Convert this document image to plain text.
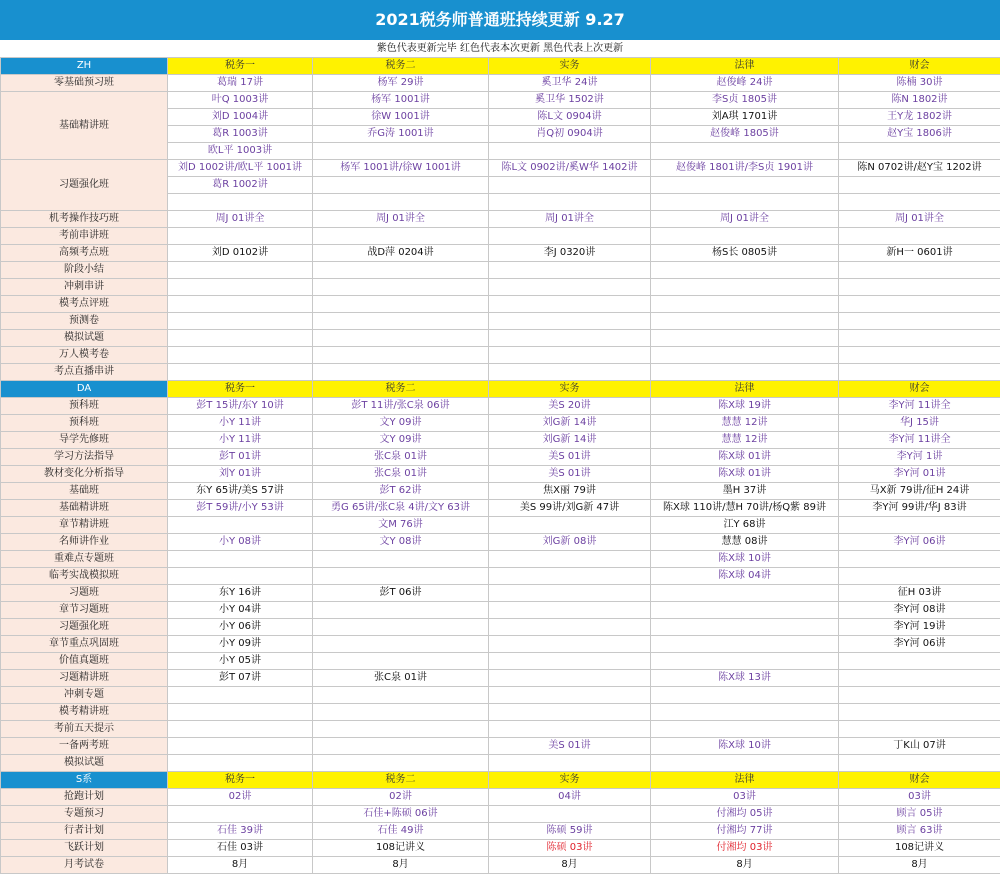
2021税务师普通班持续更新 9.27
紫色代表更新完毕 红色代表本次更新 黑色代表上次更新
ZH	税务一	税务二	实务	法律	财会
零基础预习班	葛瑞 17讲	杨军 29讲	奚卫华 24讲	赵俊峰 24讲	陈楠 30讲
基础精讲班	叶Q 1003讲	杨军 1001讲	奚卫华 1502讲	李S贞 1805讲	陈N 1802讲
	刘D 1004讲	徐W 1001讲	陈L文 0904讲	刘A琪 1701讲	王Y龙 1802讲
	葛R 1003讲	乔G涛 1001讲	肖Q初 0904讲	赵俊峰 1805讲	赵Y宝 1806讲
	欧L平 1003讲				
习题强化班	刘D 1002讲/欧L平 1001讲	杨军 1001讲/徐W 1001讲	陈L文 0902讲/奚W华 1402讲	赵俊峰 1801讲/李S贞 1901讲	陈N 0702讲/赵Y宝 1202讲
	葛R 1002讲				

机考操作技巧班	周J 01讲全	周J 01讲全	周J 01讲全	周J 01讲全	周J 01讲全
考前串讲班					
高频考点班	刘D 0102讲	战D萍 0204讲	李J 0320讲	杨S长 0805讲	新H一 0601讲
阶段小结					
冲刺串讲					
模考点评班					
预测卷					
模拟试题					
万人模考卷					
考点直播串讲					
DA	税务一	税务二	实务	法律	财会
预科班	彭T 15讲/东Y 10讲	彭T 11讲/张C泉 06讲	美S 20讲	陈X球 19讲	李Y河 11讲全
预科班	小Y 11讲	文Y 09讲	刘G新 14讲	慧慧 12讲	华J 15讲
导学先修班	小Y 11讲	文Y 09讲	刘G新 14讲	慧慧 12讲	李Y河 11讲全
学习方法指导	彭T 01讲	张C泉 01讲	美S 01讲	陈X球 01讲	李Y河 1讲
教材变化分析指导	刘Y 01讲	张C泉 01讲	美S 01讲	陈X球 01讲	李Y河 01讲
基础班	东Y 65讲/美S 57讲	彭T 62讲	焦X丽 79讲	墨H 37讲	马X新 79讲/征H 24讲
基础精讲班	彭T 59讲/小Y 53讲	勇G 65讲/张C泉 4讲/文Y 63讲	美S 99讲/刘G新 47讲	陈X球 110讲/慧H 70讲/杨Q紫 89讲	李Y河 99讲/华J 83讲
章节精讲班		文M 76讲		江Y 68讲	
名师讲作业	小Y 08讲	文Y 08讲	刘G新 08讲	慧慧 08讲	李Y河 06讲
重难点专题班				陈X球 10讲	
临考实战模拟班				陈X球 04讲	
习题班	东Y 16讲	彭T 06讲			征H 03讲
章节习题班	小Y 04讲				李Y河 08讲
习题强化班	小Y 06讲				李Y河 19讲
章节重点巩固班	小Y 09讲				李Y河 06讲
价值真题班	小Y 05讲				
习题精讲班	彭T 07讲	张C泉 01讲		陈X球 13讲	
冲刺专题					
模考精讲班					
考前五天提示					
一备两考班			美S 01讲	陈X球 10讲	丁K山 07讲
模拟试题					
S系	税务一	税务二	实务	法律	财会
抢跑计划	02讲	02讲	04讲	03讲	03讲
专题预习		石佳+陈硕 06讲		付湘均 05讲	顾言 05讲
行者计划	石佳 39讲	石佳 49讲	陈硕 59讲	付湘均 77讲	顾言 63讲
飞跃计划	石佳 03讲	108记讲义	陈硕 03讲	付湘均 03讲	108记讲义
月考试卷	8月	8月	8月	8月	8月
